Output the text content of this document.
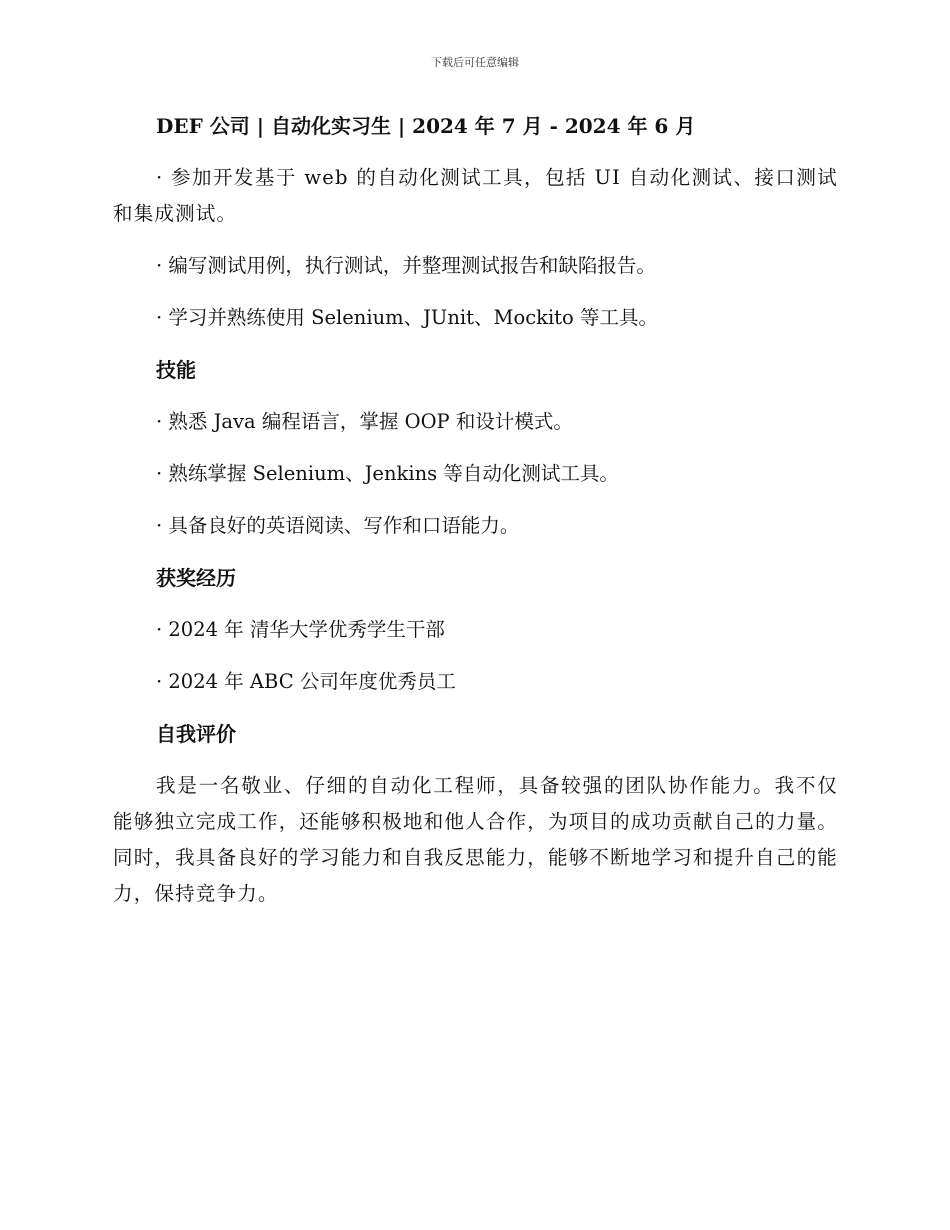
下载后可任意编辑
DEF 公司 | 自动化实习生 | 2024 年 7 月 - 2024 年 6 月
· 参加开发基于 web 的自动化测试工具，包括 UI 自动化测试、接口测试和集成测试。
· 编写测试用例，执行测试，并整理测试报告和缺陷报告。
· 学习并熟练使用 Selenium、JUnit、Mockito 等工具。
技能
· 熟悉 Java 编程语言，掌握 OOP 和设计模式。
· 熟练掌握 Selenium、Jenkins 等自动化测试工具。
· 具备良好的英语阅读、写作和口语能力。
获奖经历
· 2024 年 清华大学优秀学生干部
· 2024 年 ABC 公司年度优秀员工
自我评价
我是一名敬业、仔细的自动化工程师，具备较强的团队协作能力。我不仅能够独立完成工作，还能够积极地和他人合作，为项目的成功贡献自己的力量。同时，我具备良好的学习能力和自我反思能力，能够不断地学习和提升自己的能力，保持竞争力。
